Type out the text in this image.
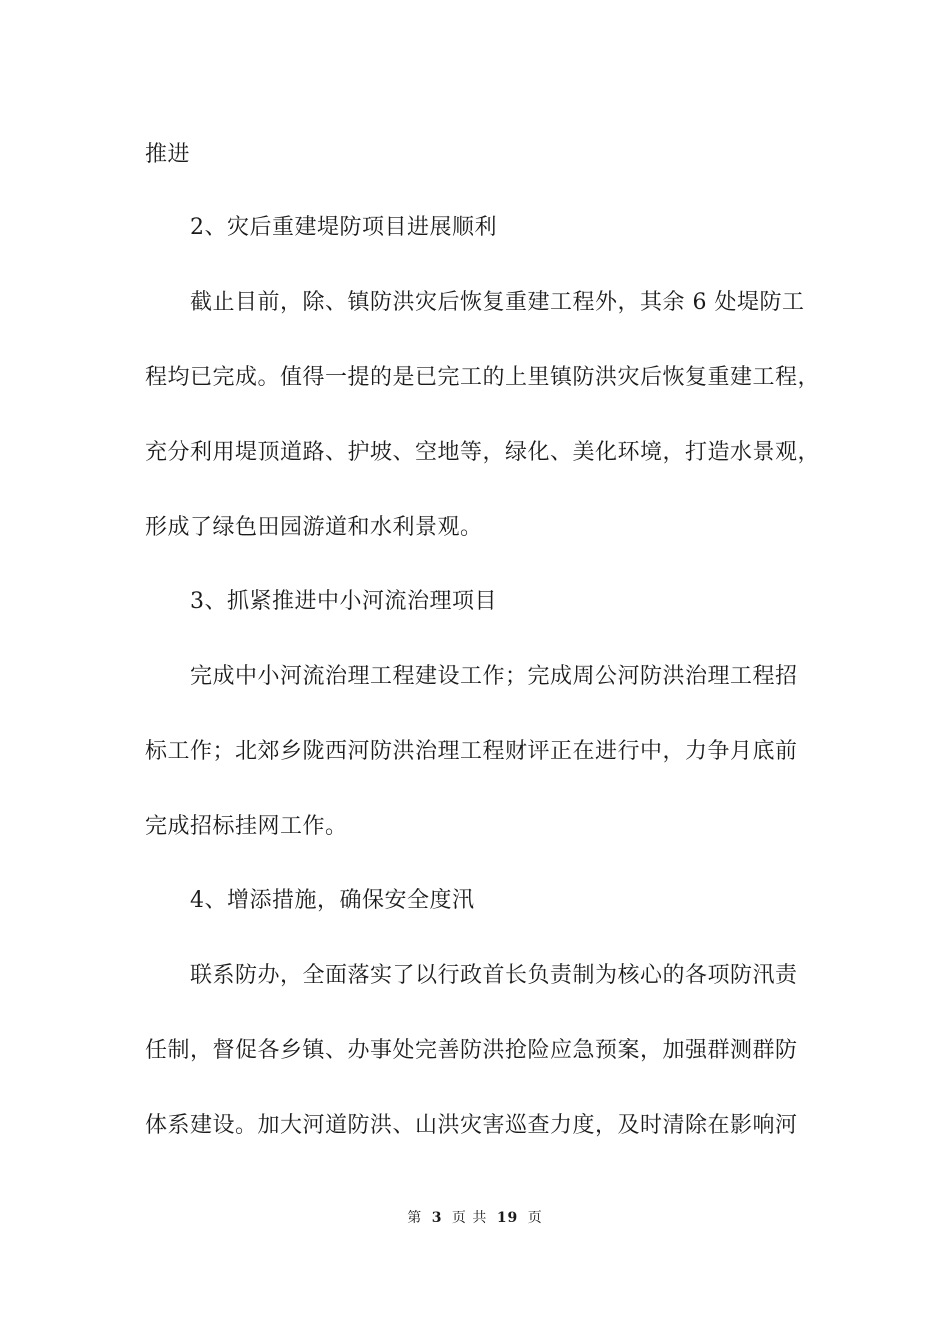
推进
2、灾后重建堤防项目进展顺利
截止目前，除、镇防洪灾后恢复重建工程外，其余 6 处堤防工
程均已完成。值得一提的是已完工的上里镇防洪灾后恢复重建工程，
充分利用堤顶道路、护坡、空地等，绿化、美化环境，打造水景观，
形成了绿色田园游道和水利景观。
3、抓紧推进中小河流治理项目
完成中小河流治理工程建设工作；完成周公河防洪治理工程招
标工作；北郊乡陇西河防洪治理工程财评正在进行中，力争月底前
完成招标挂网工作。
4、增添措施，确保安全度汛
联系防办，全面落实了以行政首长负责制为核心的各项防汛责
任制，督促各乡镇、办事处完善防洪抢险应急预案，加强群测群防
体系建设。加大河道防洪、山洪灾害巡查力度，及时清除在影响河
第 3 页 共 19 页
